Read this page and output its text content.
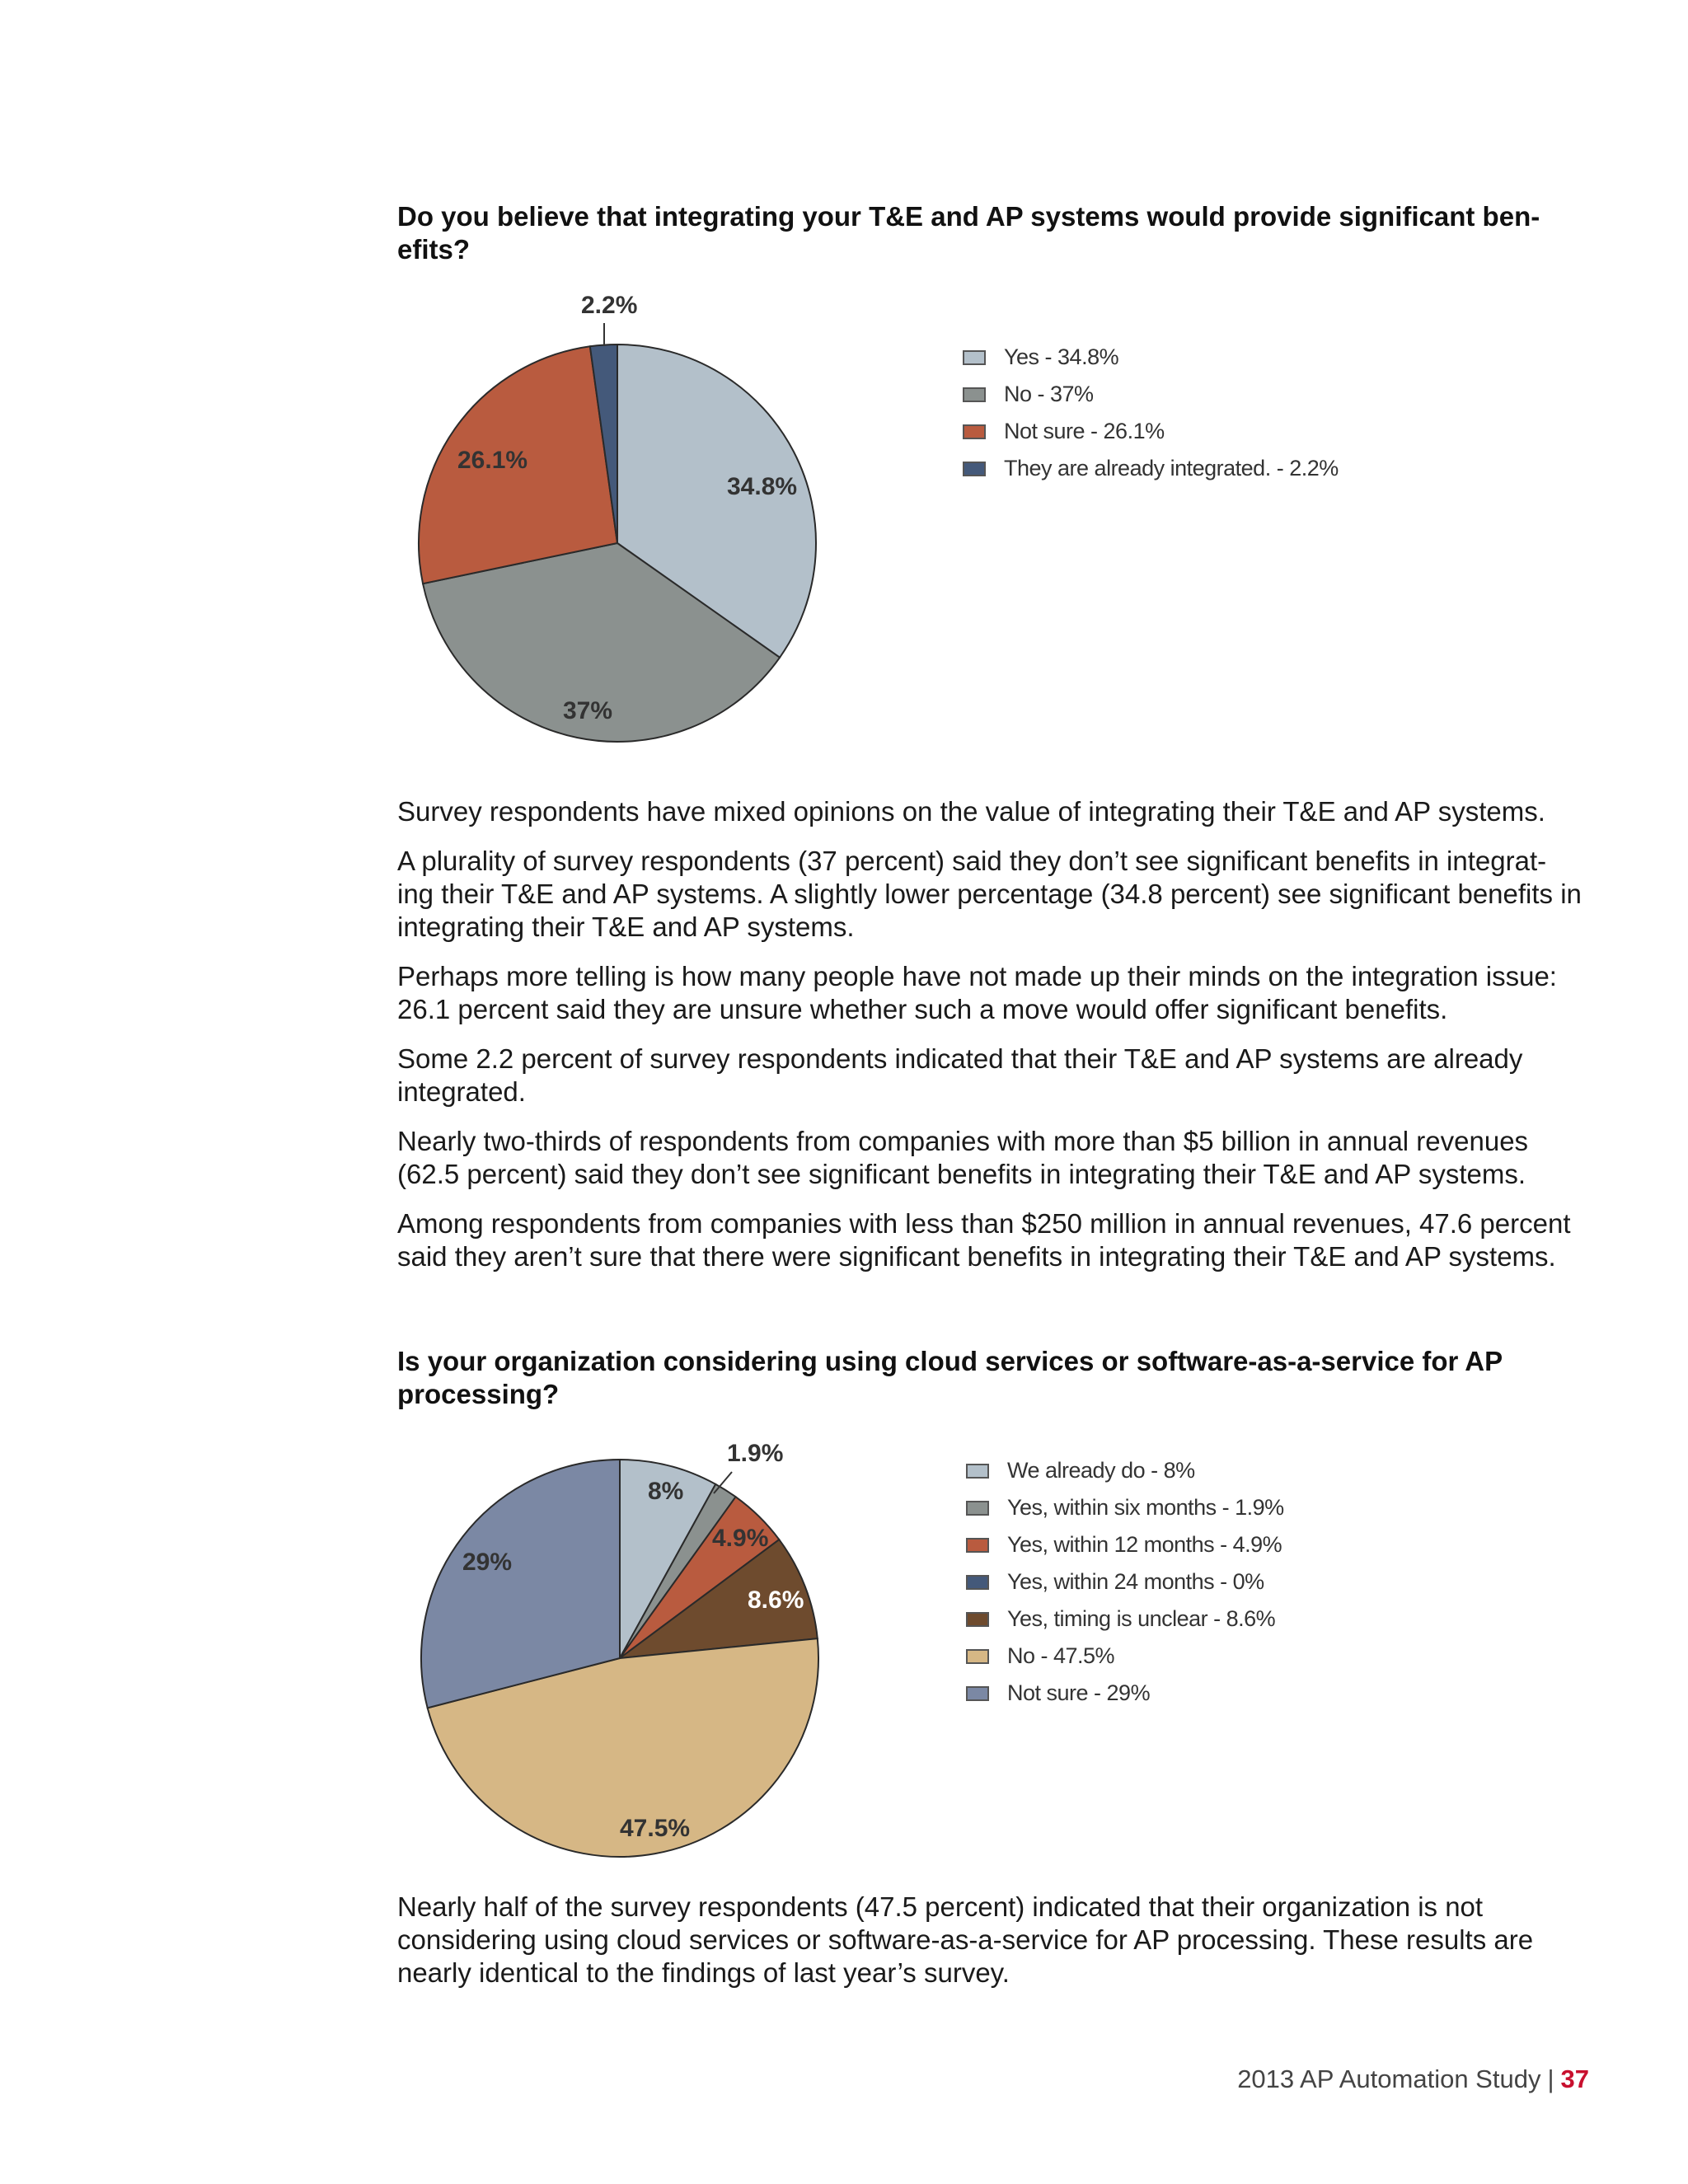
Do you believe that integrating your T&E and AP systems would provide significant ben- efits?
34.8%
37%
26.1%
2.2%
8%
1.9%
4.9%
8.6%
47.5%
29%
Yes - 34.8%
No - 37%
Not sure - 26.1%
They are already integrated. - 2.2%

Survey respondents have mixed opinions on the value of integrating their T&E and AP systems.

A plurality of survey respondents (37 percent) said they don’t see significant benefits in integrat- ing their T&E and AP systems. A slightly lower percentage (34.8 percent) see significant benefits in integrating their T&E and AP systems.

Perhaps more telling is how many people have not made up their minds on the integration issue: 26.1 percent said they are unsure whether such a move would offer significant benefits.

Some 2.2 percent of survey respondents indicated that their T&E and AP systems are already integrated.

Nearly two-thirds of respondents from companies with more than $5 billion in annual revenues (62.5 percent) said they don’t see significant benefits in integrating their T&E and AP systems.

Among respondents from companies with less than $250 million in annual revenues, 47.6 percent said they aren’t sure that there were significant benefits in integrating their T&E and AP systems.

Is your organization considering using cloud services or software-as-a-service for AP processing?
We already do - 8%
Yes, within six months - 1.9%
Yes, within 12 months - 4.9%
Yes, within 24 months - 0%
Yes, timing is unclear - 8.6%
No - 47.5%
Not sure - 29%

Nearly half of the survey respondents (47.5 percent) indicated that their organization is not considering using cloud services or software-as-a-service for AP processing. These results are nearly identical to the findings of last year’s survey.

2013 AP Automation Study | 37
